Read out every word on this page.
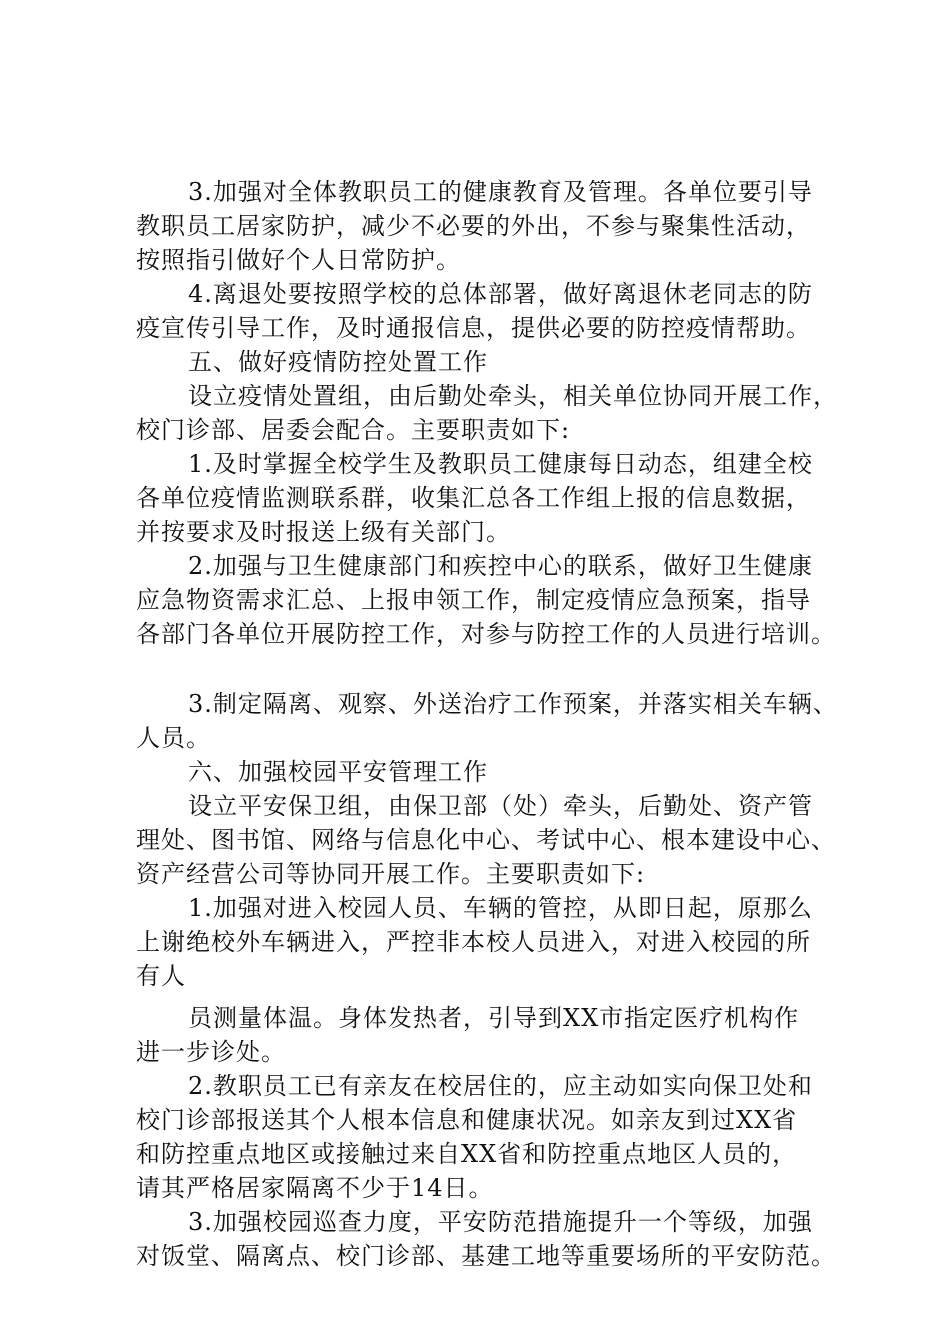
3.加强对全体教职员工的健康教育及管理。各单位要引导
教职员工居家防护，减少不必要的外出，不参与聚集性活动，
按照指引做好个人日常防护。
4.离退处要按照学校的总体部署，做好离退休老同志的防
疫宣传引导工作，及时通报信息，提供必要的防控疫情帮助。
五、做好疫情防控处置工作
设立疫情处置组，由后勤处牵头，相关单位协同开展工作，
校门诊部、居委会配合。主要职责如下:
1.及时掌握全校学生及教职员工健康每日动态，组建全校
各单位疫情监测联系群，收集汇总各工作组上报的信息数据，
并按要求及时报送上级有关部门。
2.加强与卫生健康部门和疾控中心的联系，做好卫生健康
应急物资需求汇总、上报申领工作，制定疫情应急预案，指导
各部门各单位开展防控工作，对参与防控工作的人员进行培训。
3.制定隔离、观察、外送治疗工作预案，并落实相关车辆、
人员。
六、加强校园平安管理工作
设立平安保卫组，由保卫部（处）牵头，后勤处、资产管
理处、图书馆、网络与信息化中心、考试中心、根本建设中心、
资产经营公司等协同开展工作。主要职责如下:
1.加强对进入校园人员、车辆的管控，从即日起，原那么
上谢绝校外车辆进入，严控非本校人员进入，对进入校园的所
有人
员测量体温。身体发热者，引导到XX市指定医疗机构作
进一步诊处。
2.教职员工已有亲友在校居住的，应主动如实向保卫处和
校门诊部报送其个人根本信息和健康状况。如亲友到过XX省
和防控重点地区或接触过来自XX省和防控重点地区人员的，
请其严格居家隔离不少于14日。
3.加强校园巡查力度，平安防范措施提升一个等级，加强
对饭堂、隔离点、校门诊部、基建工地等重要场所的平安防范。
